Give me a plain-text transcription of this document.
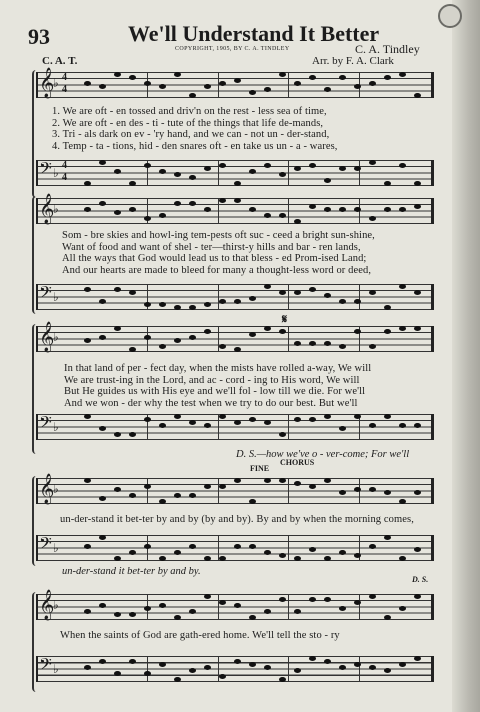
93	We'll Understand It Better
COPYRIGHT, 1905, BY C. A. TINDLEY	C. A. Tindley
C. A. T.	Arr. by F. A. Clark
𝄞
♭ 4
4
1. We are oft - en tossed and driv'n on the rest - less sea of time,
2. We are oft - en des - ti - tute of the things that life de-mands,
3. Tri - als dark on ev - 'ry hand, and we can - not un - der-stand,
4. Temp - ta - tions, hid - den snares oft - en take us un - a - wares,
𝄢 ♭
4
4
𝄞
♭
Som - bre skies and howl-ing tem-pests oft suc - ceed a bright sun-shine,
Want of food and want of shel - ter—thirst-y hills and bar - ren lands,
All the ways that God would lead us to that bless - ed Prom-ised Land;
And our hearts are made to bleed for many a thought-less word or deed,
𝄢 ♭
𝄋
𝄞
♭
In that land of per - fect day, when the mists have rolled a-way, We will
We are trust-ing in the Lord, and ac - cord - ing to His word, We will
But He guides us with His eye and we'll fol - low till we die. For we'll
And we won - der why the test when we try to do our best. But we'll
𝄢 ♭
D. S.—how we've o - ver-come; For we'll
FINE
CHORUS
𝄞
♭
un-der-stand it bet-ter by and by (by and by). By and by when the morning comes,
𝄢 ♭
un-der-stand it bet-ter by and by.
D. S.
𝄞
♭
When the saints of God are gath-ered home. We'll tell the sto - ry
𝄢 ♭
